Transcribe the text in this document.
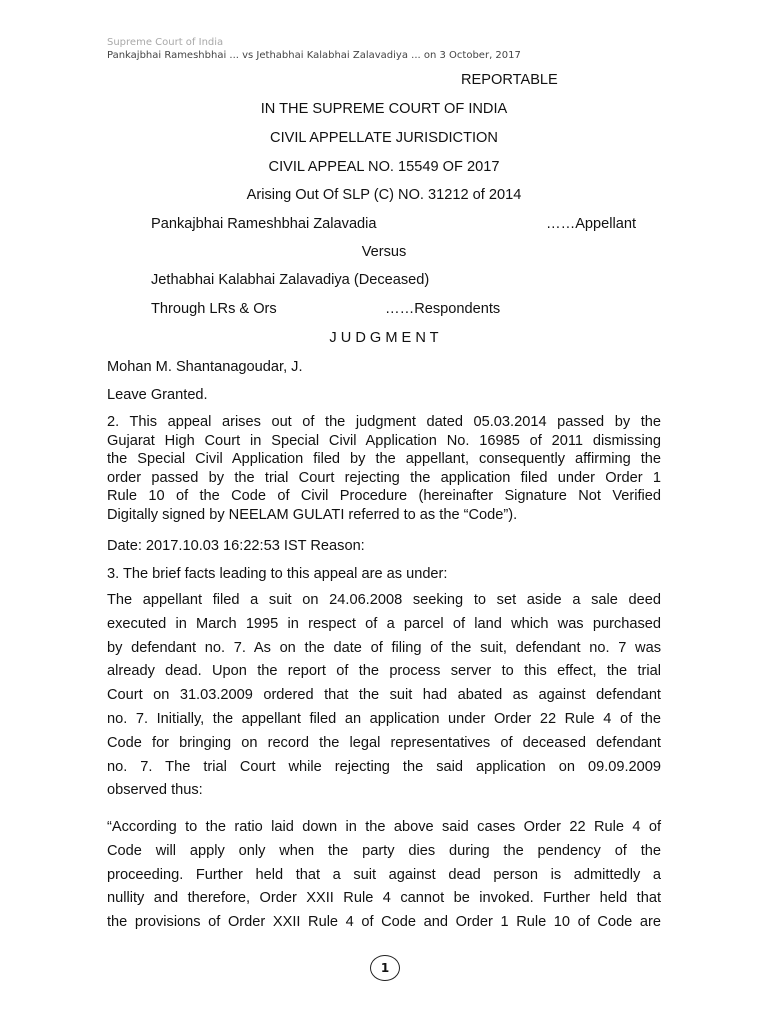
Supreme Court of India
Pankajbhai Rameshbhai ... vs Jethabhai Kalabhai Zalavadiya ... on 3 October, 2017
REPORTABLE
IN THE SUPREME COURT OF INDIA
CIVIL APPELLATE JURISDICTION
CIVIL APPEAL NO. 15549 OF 2017
Arising Out Of SLP (C) NO. 31212 of 2014
Pankajbhai Rameshbhai Zalavadia	……Appellant
Versus
Jethabhai Kalabhai Zalavadiya (Deceased)
Through LRs & Ors	……Respondents
J U D G M E N T
Mohan M. Shantanagoudar, J.
Leave Granted.
2. This appeal arises out of the judgment dated 05.03.2014 passed by the
Gujarat High Court in Special Civil Application No. 16985 of 2011 dismissing
the Special Civil Application filed by the appellant, consequently affirming the
order passed by the trial Court rejecting the application filed under Order 1
Rule 10 of the Code of Civil Procedure (hereinafter Signature Not Verified
Digitally signed by NEELAM GULATI referred to as the “Code”).
Date: 2017.10.03 16:22:53 IST Reason:
3. The brief facts leading to this appeal are as under:
The appellant filed a suit on 24.06.2008 seeking to set aside a sale deed
executed in March 1995 in respect of a parcel of land which was purchased
by defendant no. 7. As on the date of filing of the suit, defendant no. 7 was
already dead. Upon the report of the process server to this effect, the trial
Court on 31.03.2009 ordered that the suit had abated as against defendant
no. 7. Initially, the appellant filed an application under Order 22 Rule 4 of the
Code for bringing on record the legal representatives of deceased defendant
no. 7. The trial Court while rejecting the said application on 09.09.2009
observed thus:
“According to the ratio laid down in the above said cases Order 22 Rule 4 of
Code will apply only when the party dies during the pendency of the
proceeding. Further held that a suit against dead person is admittedly a
nullity and therefore, Order XXII Rule 4 cannot be invoked. Further held that
the provisions of Order XXII Rule 4 of Code and Order 1 Rule 10 of Code are
1
